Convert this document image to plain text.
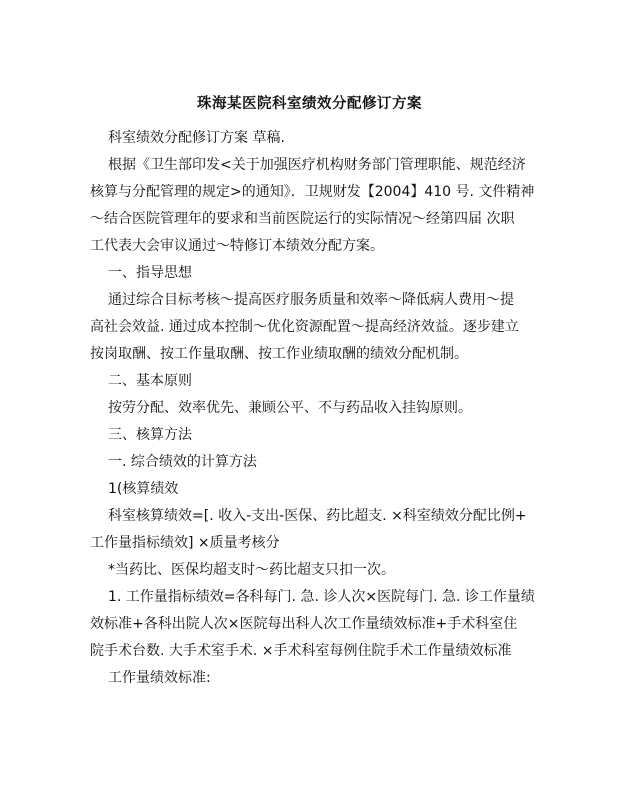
珠海某医院科室绩效分配修订方案
科室绩效分配修订方案 草稿.
根据《卫生部印发<关于加强医疗机构财务部门管理职能、规范经济
核算与分配管理的规定>的通知》．卫规财发【2004】410 号. 文件精神
～结合医院管理年的要求和当前医院运行的实际情况～经第四届 次职
工代表大会审议通过～特修订本绩效分配方案。
一、指导思想
通过综合目标考核～提高医疗服务质量和效率～降低病人费用～提
高社会效益. 通过成本控制～优化资源配置～提高经济效益。逐步建立
按岗取酬、按工作量取酬、按工作业绩取酬的绩效分配机制。
二、基本原则
按劳分配、效率优先、兼顾公平、不与药品收入挂钩原则。
三、核算方法
一. 综合绩效的计算方法
1(核算绩效
科室核算绩效=[. 收入-支出-医保、药比超支. ×科室绩效分配比例+
工作量指标绩效] ×质量考核分
*当药比、医保均超支时～药比超支只扣一次。
1. 工作量指标绩效=各科每门. 急. 诊人次×医院每门. 急. 诊工作量绩
效标准+各科出院人次×医院每出科人次工作量绩效标准+手术科室住
院手术台数. 大手术室手术. ×手术科室每例住院手术工作量绩效标准
工作量绩效标准:
